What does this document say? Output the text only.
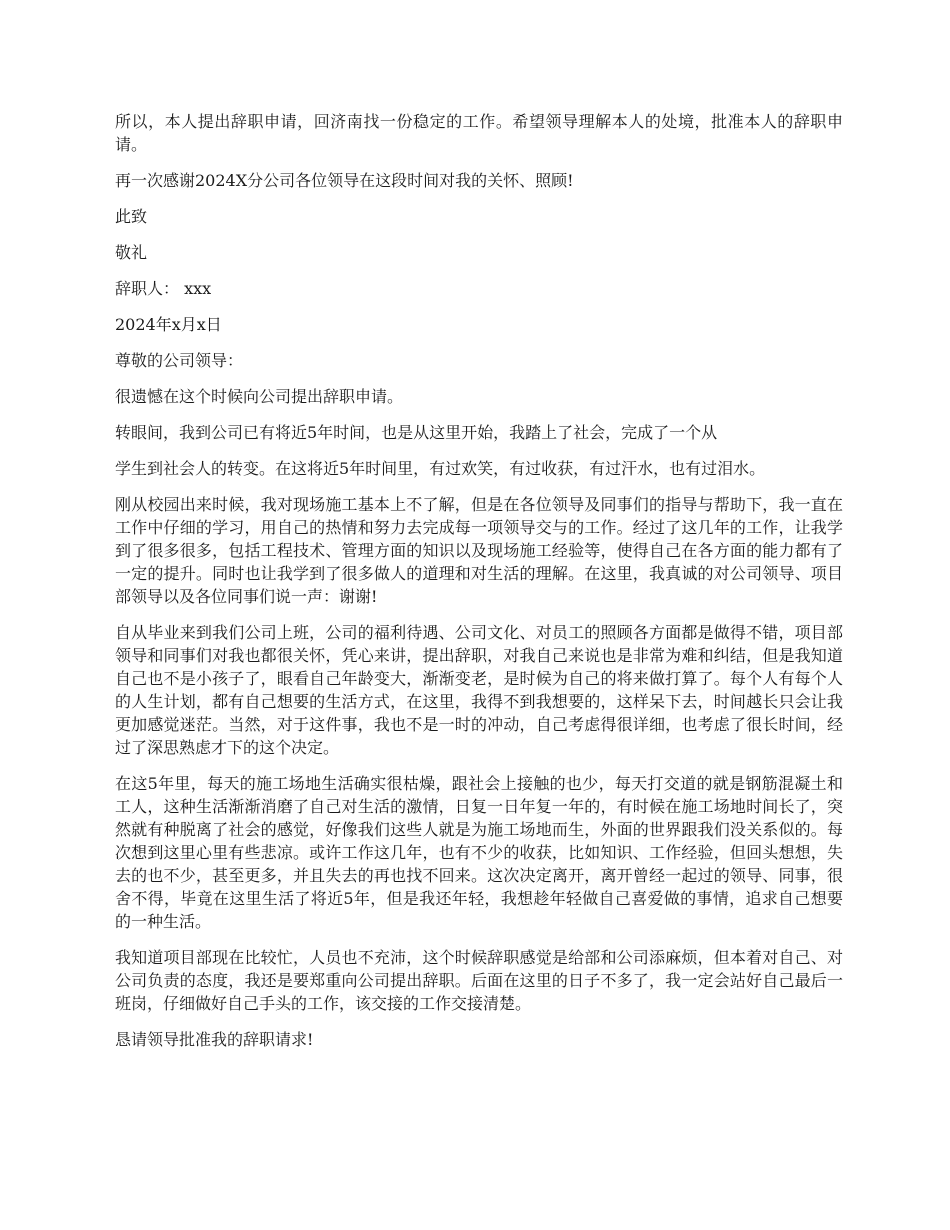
所以，本人提出辞职申请，回济南找一份稳定的工作。希望领导理解本人的处境，批准本人的辞职申请。

再一次感谢2024X分公司各位领导在这段时间对我的关怀、照顾!

此致

敬礼

辞职人： xxx

2024年x月x日

尊敬的公司领导：

很遗憾在这个时候向公司提出辞职申请。

转眼间，我到公司已有将近5年时间，也是从这里开始，我踏上了社会，完成了一个从

学生到社会人的转变。在这将近5年时间里，有过欢笑，有过收获，有过汗水，也有过泪水。

刚从校园出来时候，我对现场施工基本上不了解，但是在各位领导及同事们的指导与帮助下，我一直在工作中仔细的学习，用自己的热情和努力去完成每一项领导交与的工作。经过了这几年的工作，让我学到了很多很多，包括工程技术、管理方面的知识以及现场施工经验等，使得自己在各方面的能力都有了一定的提升。同时也让我学到了很多做人的道理和对生活的理解。在这里，我真诚的对公司领导、项目部领导以及各位同事们说一声：谢谢!

自从毕业来到我们公司上班，公司的福利待遇、公司文化、对员工的照顾各方面都是做得不错，项目部领导和同事们对我也都很关怀，凭心来讲，提出辞职，对我自己来说也是非常为难和纠结，但是我知道自己也不是小孩子了，眼看自己年龄变大，渐渐变老，是时候为自己的将来做打算了。每个人有每个人的人生计划，都有自己想要的生活方式，在这里，我得不到我想要的，这样呆下去，时间越长只会让我更加感觉迷茫。当然，对于这件事，我也不是一时的冲动，自己考虑得很详细，也考虑了很长时间，经过了深思熟虑才下的这个决定。

在这5年里，每天的施工场地生活确实很枯燥，跟社会上接触的也少，每天打交道的就是钢筋混凝土和工人，这种生活渐渐消磨了自己对生活的激情，日复一日年复一年的，有时候在施工场地时间长了，突然就有种脱离了社会的感觉，好像我们这些人就是为施工场地而生，外面的世界跟我们没关系似的。每次想到这里心里有些悲凉。或许工作这几年，也有不少的收获，比如知识、工作经验，但回头想想，失去的也不少，甚至更多，并且失去的再也找不回来。这次决定离开，离开曾经一起过的领导、同事，很舍不得，毕竟在这里生活了将近5年，但是我还年轻，我想趁年轻做自己喜爱做的事情，追求自己想要的一种生活。

我知道项目部现在比较忙，人员也不充沛，这个时候辞职感觉是给部和公司添麻烦，但本着对自己、对公司负责的态度，我还是要郑重向公司提出辞职。后面在这里的日子不多了，我一定会站好自己最后一班岗，仔细做好自己手头的工作，该交接的工作交接清楚。

恳请领导批准我的辞职请求!
